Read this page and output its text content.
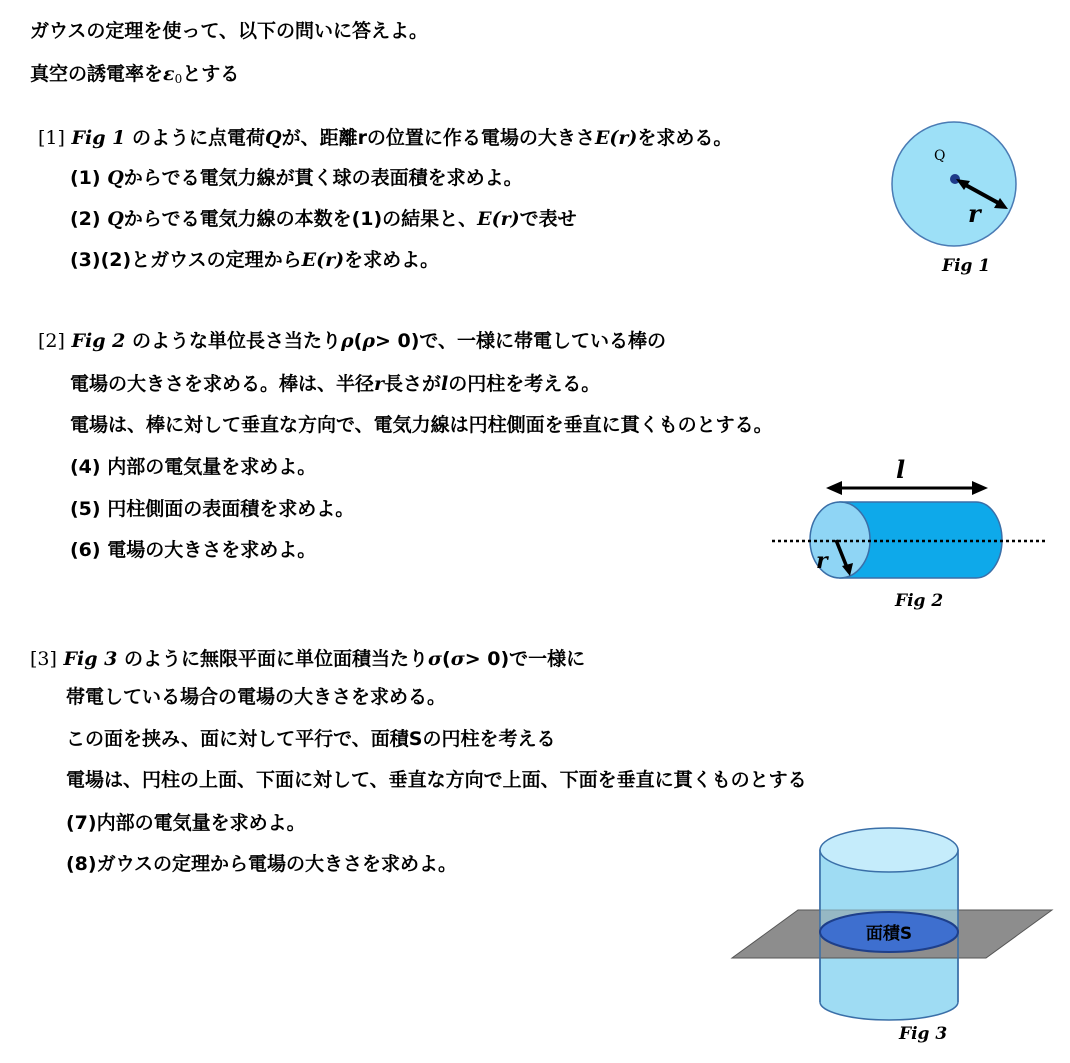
ガウスの定理を使って、以下の問いに答えよ。
真空の誘電率を$\varepsilon_0$とする
[1] Fig 1 のように点電荷Qが、距離rの位置に作る電場の大きさE(r)を求める。
(1) Qからでる電気力線が貫く球の表面積を求めよ。
(2) Qからでる電気力線の本数を(1)の結果と、E(r)で表せ
(3)(2)とガウスの定理からE(r)を求めよ。
Q
r
Fig 1
[2] Fig 2 のような単位長さ当たりρ(ρ> 0)で、一様に帯電している棒の
電場の大きさを求める。棒は、半径r長さがlの円柱を考える。
電場は、棒に対して垂直な方向で、電気力線は円柱側面を垂直に貫くものとする。
(4) 内部の電気量を求めよ。
(5) 円柱側面の表面積を求めよ。
(6) 電場の大きさを求めよ。
l
r
Fig 2
[3] Fig 3 のように無限平面に単位面積当たりσ(σ> 0)で一様に
帯電している場合の電場の大きさを求める。
この面を挟み、面に対して平行で、面積Sの円柱を考える
電場は、円柱の上面、下面に対して、垂直な方向で上面、下面を垂直に貫くものとする
(7)内部の電気量を求めよ。
(8)ガウスの定理から電場の大きさを求めよ。
面積S
Fig 3
